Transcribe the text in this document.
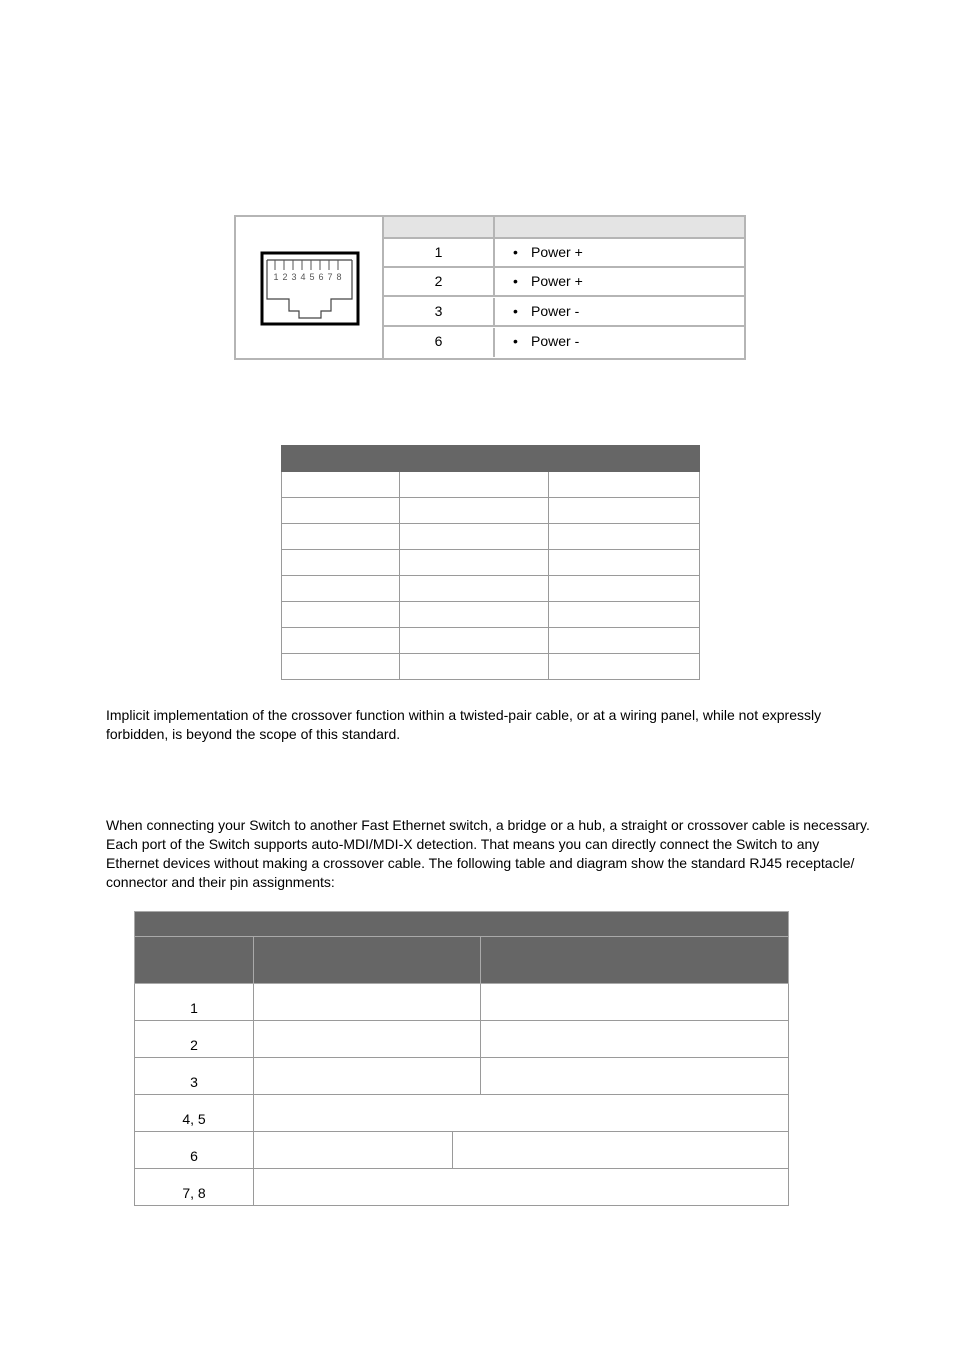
1 2 3 4 5 6 7 8
1	• Power +
2	• Power +
3	• Power -
6	• Power -

Implicit implementation of the crossover function within a twisted-pair cable, or at a wiring panel, while not expressly forbidden, is beyond the scope of this standard.

When connecting your Switch to another Fast Ethernet switch, a bridge or a hub, a straight or crossover cable is necessary. Each port of the Switch supports auto-MDI/MDI-X detection. That means you can directly connect the Switch to any Ethernet devices without making a crossover cable. The following table and diagram show the standard RJ45 receptacle/ connector and their pin assignments:

1			
2			
3			
4, 5			
6			
7, 8			
